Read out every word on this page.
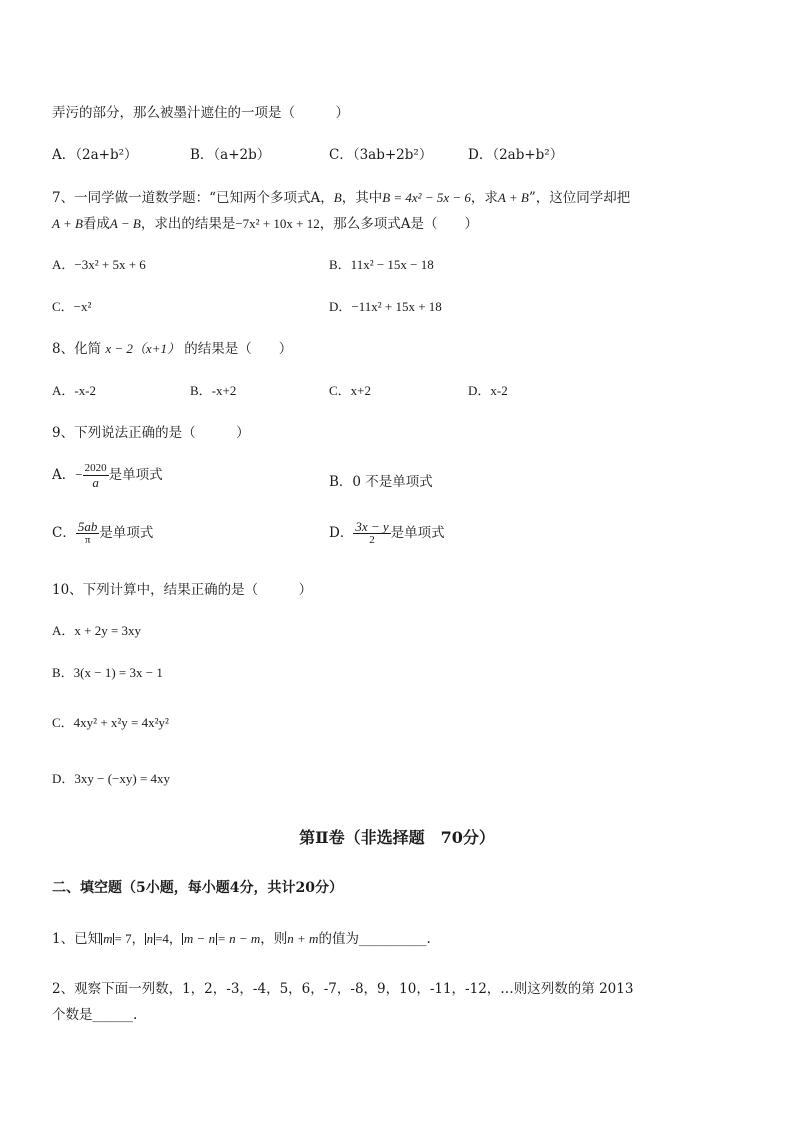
弄污的部分，那么被墨汁遮住的一项是（　　　）
A．（2a+b²）	B．（a+2b）	C．（3ab+2b²）	D．（2ab+b²）
7、一同学做一道数学题：“已知两个多项式A，B，其中B = 4x² − 5x − 6，求A + B”，这位同学却把
A + B看成A − B，求出的结果是−7x² + 10x + 12，那么多项式A是（　　）
A．−3x² + 5x + 6	B．11x² − 15x − 18
C．−x²	D．−11x² + 15x + 18
8、化简 x − 2（x+1） 的结果是（　　）
A．-x-2	B．-x+2	C．x+2	D．x-2
9、下列说法正确的是（　　　）
A．− $\frac{2020}{a}$ 是单项式	B．0 不是单项式
C． $\frac{5ab}{\pi}$ 是单项式	D． $\frac{3x - y}{2}$ 是单项式
10、下列计算中，结果正确的是（　　　）
A．x + 2y = 3xy
B．3(x − 1) = 3x − 1
C．4xy² + x²y = 4x²y²
D．3xy − (−xy) = 4xy
第Ⅱ卷（非选择题　70分）
二、填空题（5小题，每小题4分，共计20分）
1、已知 m = 7， n =4， m − n = n − m，则n + m的值为__________.
2、观察下面一列数，1，2，-3，-4，5，6，-7，-8，9，10，-11，-12，…则这列数的第 2013
个数是______.
